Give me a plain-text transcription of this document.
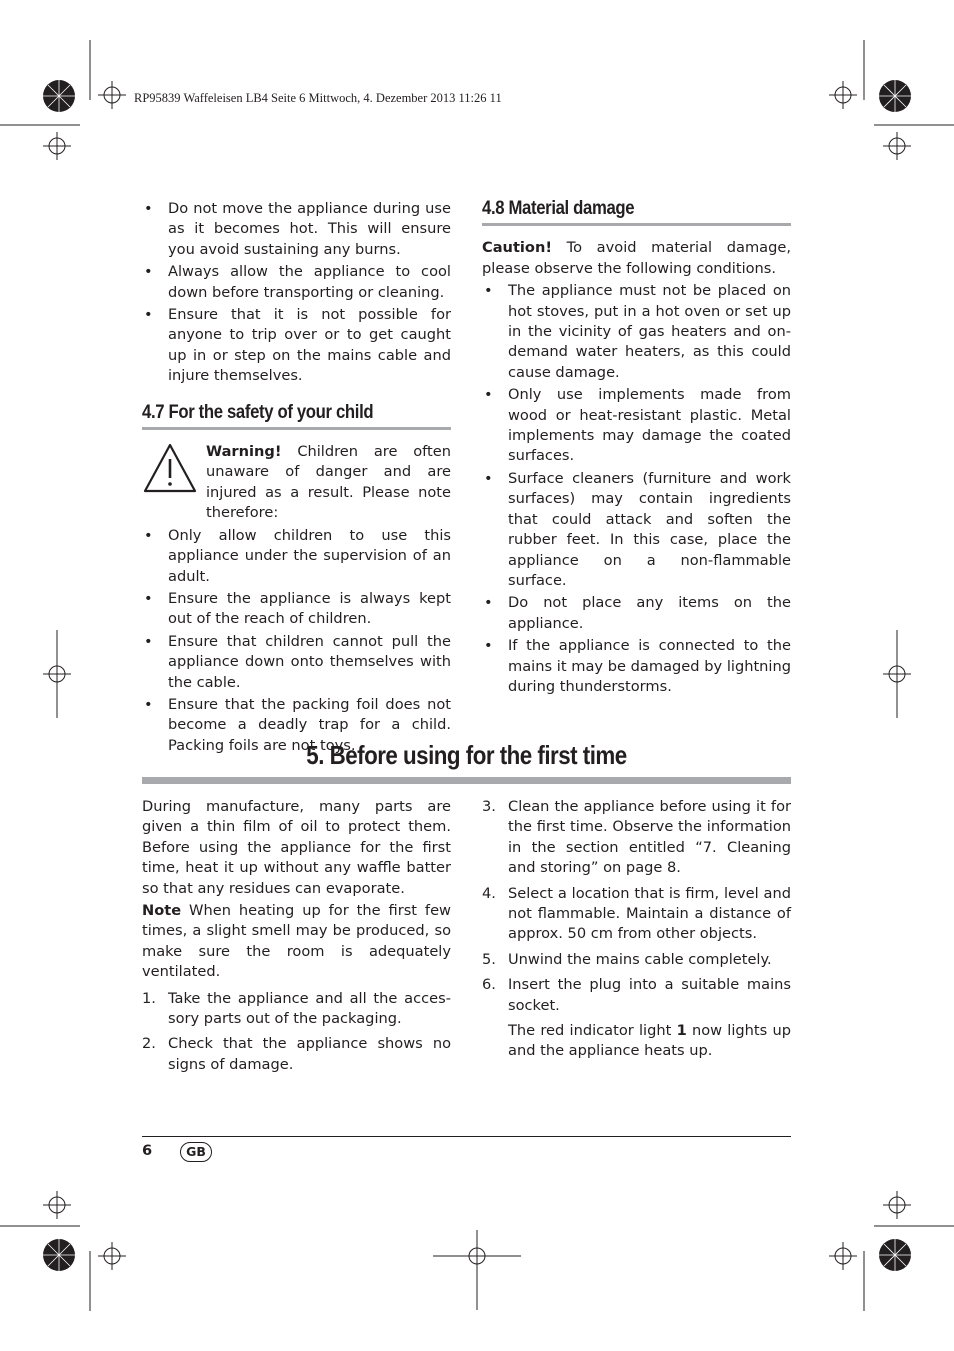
RP95839 Waffeleisen LB4 Seite 6 Mittwoch, 4. Dezember 2013 11:26 11
• Do not move the appliance during use as it becomes hot. This will ensure you avoid sustaining any burns.
• Always allow the appliance to cool down before transporting or cleaning.
• Ensure that it is not possible for anyone to trip over or to get caught up in or step on the mains cable and injure themselves.
4.7 For the safety of your child

Warning! Children are often unaware of danger and are injured as a result. Please note therefore:

• Only allow children to use this appliance under the supervision of an adult.
• Ensure the appliance is always kept out of the reach of children.
• Ensure that children cannot pull the appliance down onto themselves with the cable.
• Ensure that the packing foil does not become a deadly trap for a child. Packing foils are not toys.
4.8 Material damage

Caution! To avoid material damage, please observe the following conditions.

• The appliance must not be placed on hot stoves, put in a hot oven or set up in the vicinity of gas heaters and on-demand water heaters, as this could cause damage.
• Only use implements made from wood or heat-resistant plastic. Metal implements may damage the coated surfaces.
• Surface cleaners (furniture and work surfaces) may contain ingredients that could attack and soften the rubber feet. In this case, place the appliance on a non-flammable surface.
• Do not place any items on the appliance.
• If the appliance is connected to the mains it may be damaged by lightning during thunderstorms.
5. Before using for the first time

During manufacture, many parts are given a thin film of oil to protect them. Before using the appliance for the first time, heat it up without any waffle batter so that any residues can evaporate.

Note When heating up for the first few times, a slight smell may be produced, so make sure the room is adequately ventilated.

1. Take the appliance and all the acces-sory parts out of the packaging.
2. Check that the appliance shows no signs of damage.
3. Clean the appliance before using it for the first time. Observe the information in the section entitled “7. Cleaning and storing” on page 8.
4. Select a location that is firm, level and not flammable. Maintain a distance of approx. 50 cm from other objects.
5. Unwind the mains cable completely.
6. Insert the plug into a suitable mains socket.

The red indicator light 1 now lights up and the appliance heats up.

6	GB
